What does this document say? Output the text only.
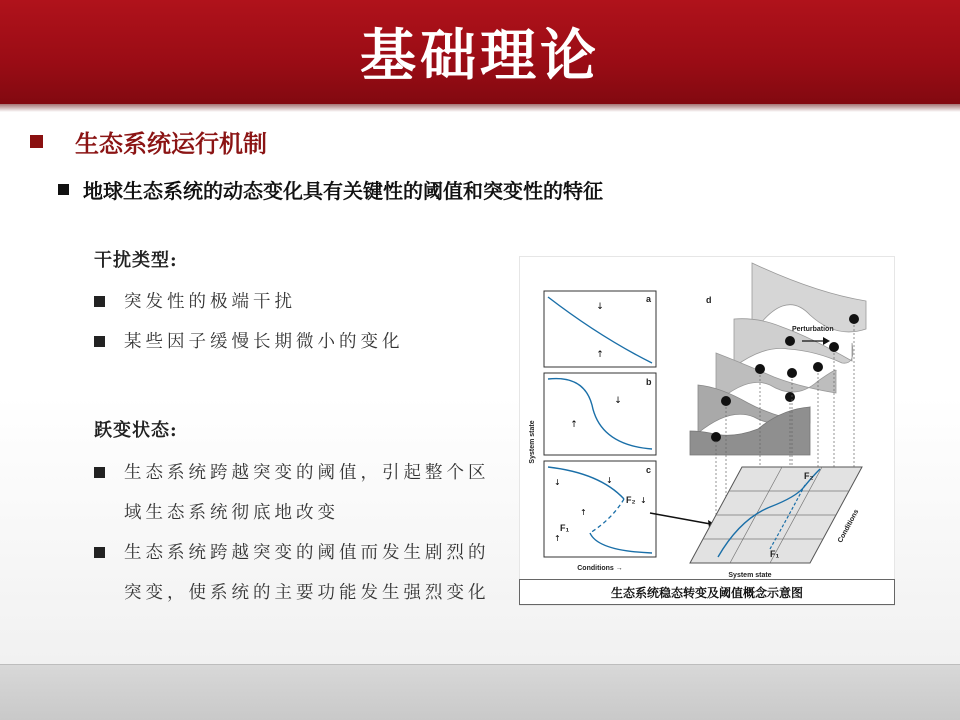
基础理论
生态系统运行机制
地球生态系统的动态变化具有关键性的阈值和突变性的特征
干扰类型:
突发性的极端干扰
某些因子缓慢长期微小的变化
跃变状态:
生态系统跨越突变的阈值，引起整个区域生态系统彻底地改变
生态系统跨越突变的阈值而发生剧烈的突变，使系统的主要功能发生强烈变化
System state
a
↓
↑
b
↓
↑
c
F₂
F₁
↓	↓
↓
↑
↑
Conditions →
d
Perturbation
F₂
F₁
System state
Conditions
生态系统稳态转变及阈值概念示意图
